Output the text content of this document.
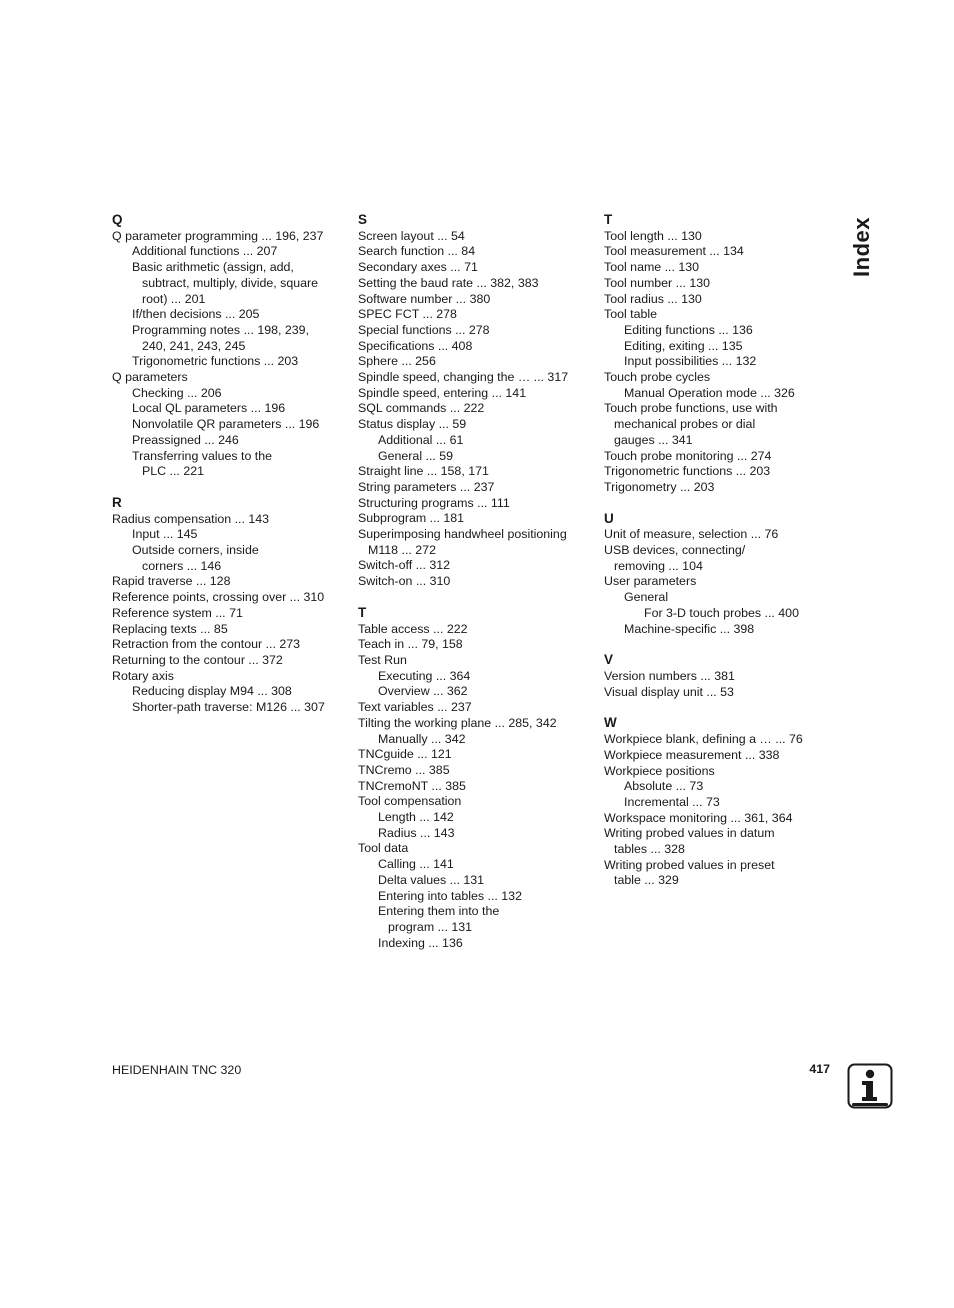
Q
Q parameter programming ... 196, 237
Additional functions ... 207
Basic arithmetic (assign, add,
subtract, multiply, divide, square
root) ... 201
If/then decisions ... 205
Programming notes ... 198, 239,
240, 241, 243, 245
Trigonometric functions ... 203
Q parameters
Checking ... 206
Local QL parameters ... 196
Nonvolatile QR parameters ... 196
Preassigned ... 246
Transferring values to the
PLC ... 221
R
Radius compensation ... 143
Input ... 145
Outside corners, inside
corners ... 146
Rapid traverse ... 128
Reference points, crossing over ... 310
Reference system ... 71
Replacing texts ... 85
Retraction from the contour ... 273
Returning to the contour ... 372
Rotary axis
Reducing display M94 ... 308
Shorter-path traverse: M126 ... 307
S
Screen layout ... 54
Search function ... 84
Secondary axes ... 71
Setting the baud rate ... 382, 383
Software number ... 380
SPEC FCT ... 278
Special functions ... 278
Specifications ... 408
Sphere ... 256
Spindle speed, changing the … ... 317
Spindle speed, entering ... 141
SQL commands ... 222
Status display ... 59
Additional ... 61
General ... 59
Straight line ... 158, 171
String parameters ... 237
Structuring programs ... 111
Subprogram ... 181
Superimposing handwheel positioning
M118 ... 272
Switch-off ... 312
Switch-on ... 310
T
Table access ... 222
Teach in ... 79, 158
Test Run
Executing ... 364
Overview ... 362
Text variables ... 237
Tilting the working plane ... 285, 342
Manually ... 342
TNCguide ... 121
TNCremo ... 385
TNCremoNT ... 385
Tool compensation
Length ... 142
Radius ... 143
Tool data
Calling ... 141
Delta values ... 131
Entering into tables ... 132
Entering them into the
program ... 131
Indexing ... 136
T
Tool length ... 130
Tool measurement ... 134
Tool name ... 130
Tool number ... 130
Tool radius ... 130
Tool table
Editing functions ... 136
Editing, exiting ... 135
Input possibilities ... 132
Touch probe cycles
Manual Operation mode ... 326
Touch probe functions, use with
mechanical probes or dial
gauges ... 341
Touch probe monitoring ... 274
Trigonometric functions ... 203
Trigonometry ... 203
U
Unit of measure, selection ... 76
USB devices, connecting/
removing ... 104
User parameters
General
For 3-D touch probes ... 400
Machine-specific ... 398
V
Version numbers ... 381
Visual display unit ... 53
W
Workpiece blank, defining a … ... 76
Workpiece measurement ... 338
Workpiece positions
Absolute ... 73
Incremental ... 73
Workspace monitoring ... 361, 364
Writing probed values in datum
tables ... 328
Writing probed values in preset
table ... 329
Index
HEIDENHAIN TNC 320	417
